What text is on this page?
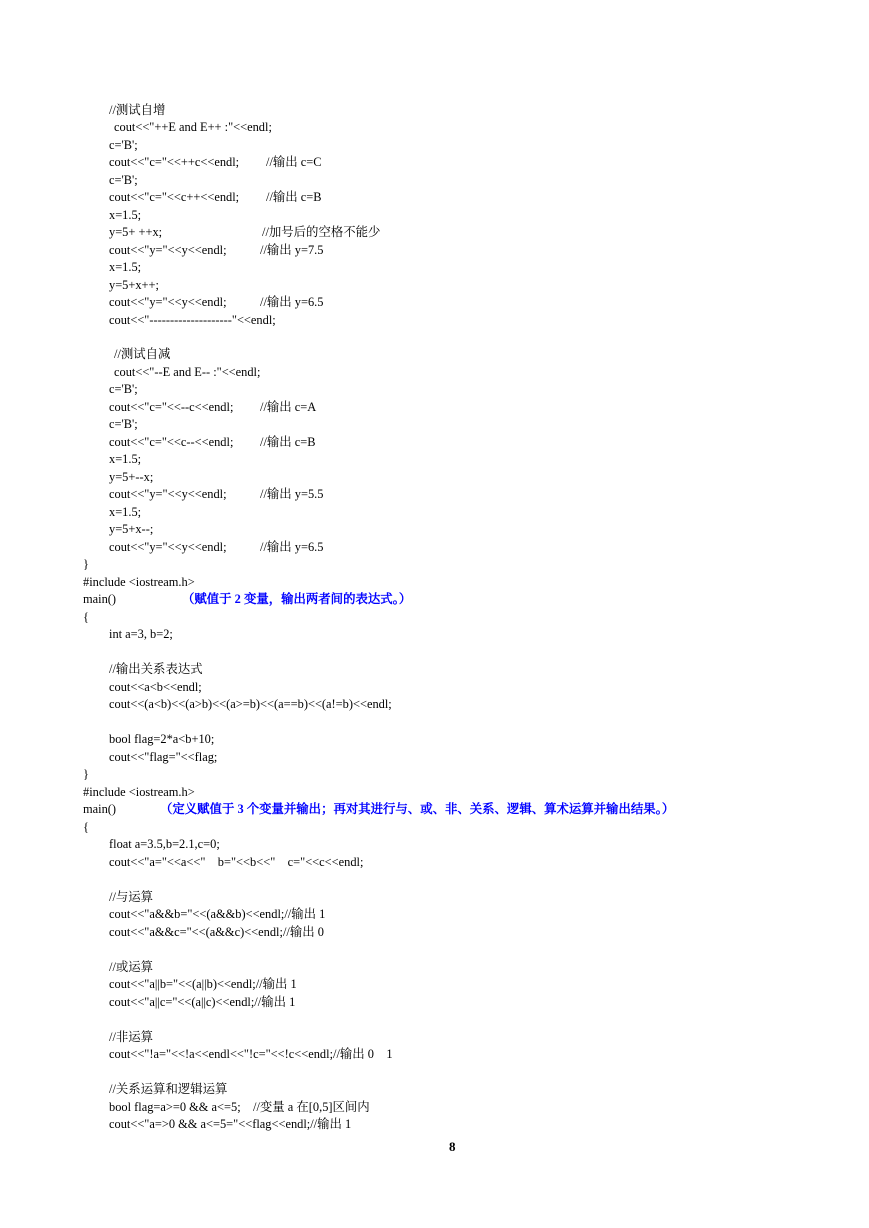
8
//测试自增
cout<<"++E and E++ :"<<endl;
c='B';
cout<<"c="<<++c<<endl;
c='B';
cout<<"c="<<c++<<endl;
x=1.5;
y=5+ ++x;
cout<<"y="<<y<<endl;
x=1.5;
y=5+x++;
cout<<"y="<<y<<endl;
cout<<"--------------------"<<endl;
//测试自减
cout<<"--E and E-- :"<<endl;
c='B';
cout<<"c="<<--c<<endl;
c='B';
cout<<"c="<<c--<<endl;
x=1.5;
y=5+--x;
cout<<"y="<<y<<endl;
x=1.5;
y=5+x--;
cout<<"y="<<y<<endl;
}
#include <iostream.h>
main()
{
int a=3, b=2;
//输出关系表达式
cout<<a<b<<endl;
cout<<(a<b)<<(a>b)<<(a>=b)<<(a==b)<<(a!=b)<<endl;
bool flag=2*a<b+10;
cout<<"flag="<<flag;
}
#include <iostream.h>
main()
{
float a=3.5,b=2.1,c=0;
cout<<"a="<<a<<"    b="<<b<<"    c="<<c<<endl;
//与运算
cout<<"a&&b="<<(a&&b)<<endl;//输出 1
cout<<"a&&c="<<(a&&c)<<endl;//输出 0
//或运算
cout<<"a||b="<<(a||b)<<endl;//输出 1
cout<<"a||c="<<(a||c)<<endl;//输出 1
//非运算
cout<<"!a="<<!a<<endl<<"!c="<<!c<<endl;//输出 0    1
//关系运算和逻辑运算
bool flag=a>=0 && a<=5;    //变量 a 在[0,5]区间内
cout<<"a=>0 && a<=5="<<flag<<endl;//输出 1
//输出 c=C
//输出 c=B
//加号后的空格不能少
//输出 y=7.5
//输出 y=6.5
//输出 c=A
//输出 c=B
//输出 y=5.5
//输出 y=6.5
（赋值于 2 变量，输出两者间的表达式。）
（定义赋值于 3 个变量并输出；再对其进行与、或、非、关系、逻辑、算术运算并输出结果。）
